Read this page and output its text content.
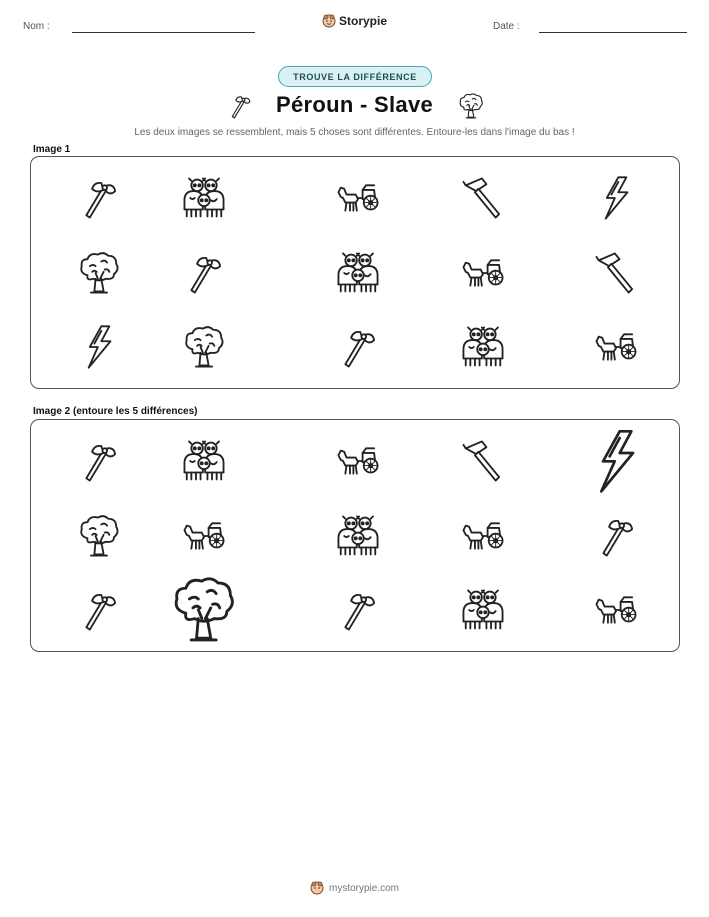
Nom :	Storypie	Date :
TROUVE LA DIFFÉRENCE
Péroun - Slave
Les deux images se ressemblent, mais 5 choses sont différentes. Entoure-les dans l'image du bas !
Image 1
Image 2 (entoure les 5 différences)
mystorypie.com
